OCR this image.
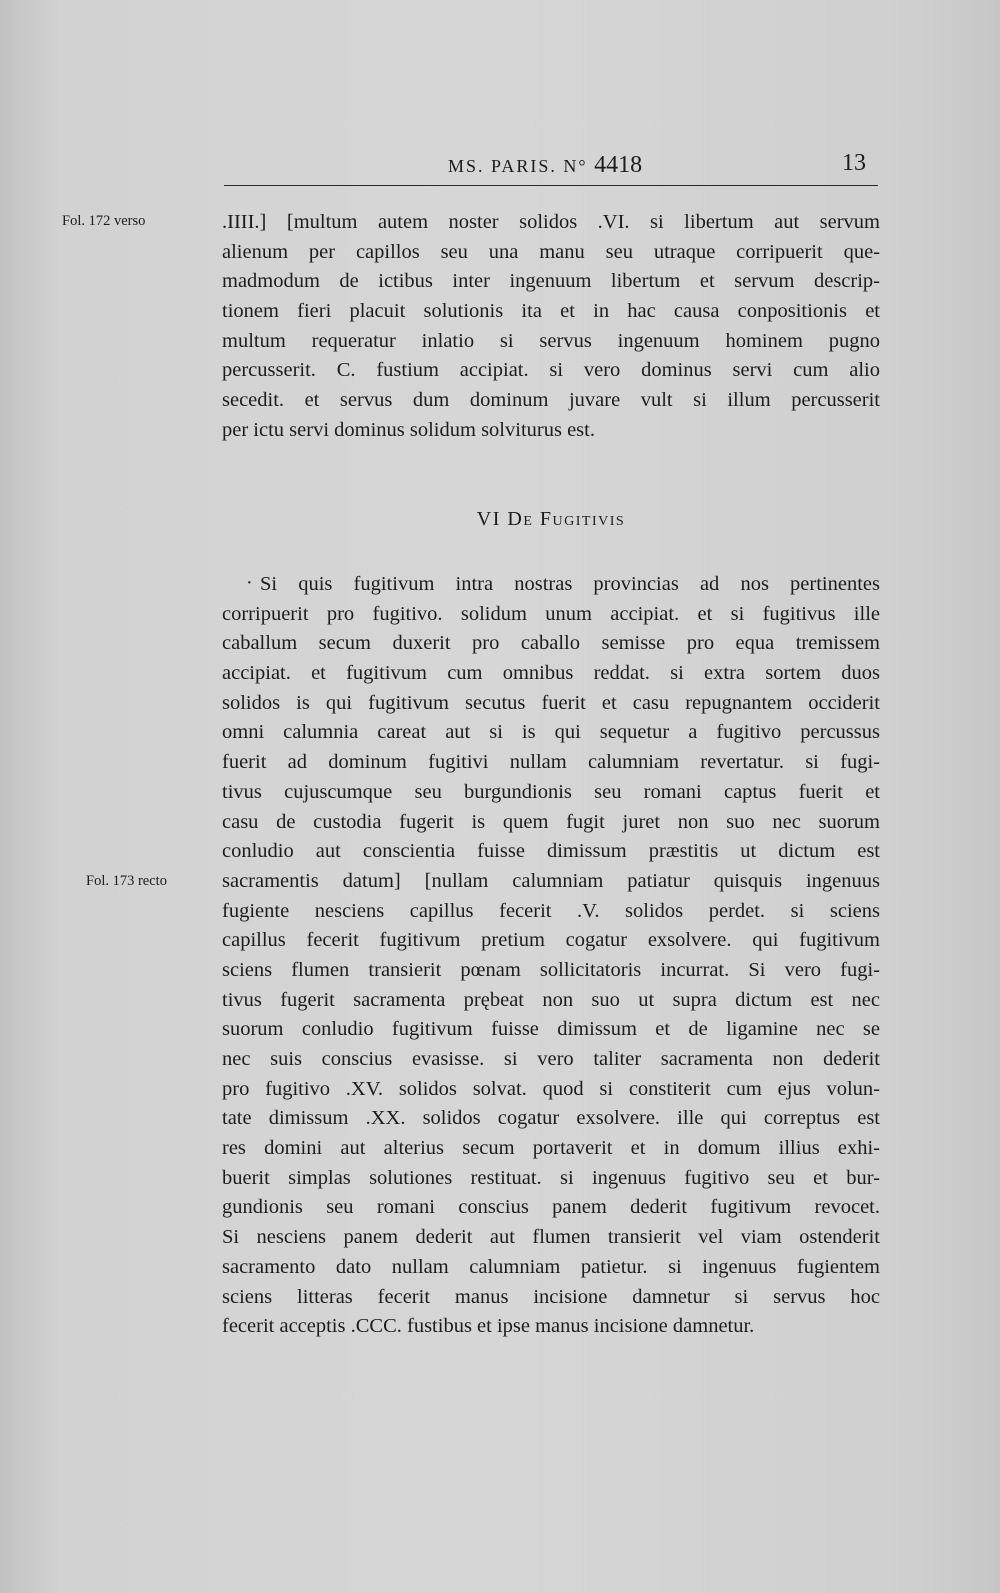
MS. PARIS. N° 4418	13
Fol. 172 verso
Fol. 173 recto
.IIII.] [multum autem noster solidos .VI. si libertum aut servum
alienum per capillos seu una manu seu utraque corripuerit que-
madmodum de ictibus inter ingenuum libertum et servum descrip-
tionem fieri placuit solutionis ita et in hac causa conpositionis et
multum requeratur inlatio si servus ingenuum hominem pugno
percusserit. C. fustium accipiat. si vero dominus servi cum alio
secedit. et servus dum dominum juvare vult si illum percusserit
per ictu servi dominus solidum solviturus est.
VI De Fugitivis
· Si quis fugitivum intra nostras provincias ad nos pertinentes
corripuerit pro fugitivo. solidum unum accipiat. et si fugitivus ille
caballum secum duxerit pro caballo semisse pro equa tremissem
accipiat. et fugitivum cum omnibus reddat. si extra sortem duos
solidos is qui fugitivum secutus fuerit et casu repugnantem occiderit
omni calumnia careat aut si is qui sequetur a fugitivo percussus
fuerit ad dominum fugitivi nullam calumniam revertatur. si fugi-
tivus cujuscumque seu burgundionis seu romani captus fuerit et
casu de custodia fugerit is quem fugit juret non suo nec suorum
conludio aut conscientia fuisse dimissum præstitis ut dictum est
sacramentis datum] [nullam calumniam patiatur quisquis ingenuus
fugiente nesciens capillus fecerit .V. solidos perdet. si sciens
capillus fecerit fugitivum pretium cogatur exsolvere. qui fugitivum
sciens flumen transierit pœnam sollicitatoris incurrat. Si vero fugi-
tivus fugerit sacramenta prębeat non suo ut supra dictum est nec
suorum conludio fugitivum fuisse dimissum et de ligamine nec se
nec suis conscius evasisse. si vero taliter sacramenta non dederit
pro fugitivo .XV. solidos solvat. quod si constiterit cum ejus volun-
tate dimissum .XX. solidos cogatur exsolvere. ille qui correptus est
res domini aut alterius secum portaverit et in domum illius exhi-
buerit simplas solutiones restituat. si ingenuus fugitivo seu et bur-
gundionis seu romani conscius panem dederit fugitivum revocet.
Si nesciens panem dederit aut flumen transierit vel viam ostenderit
sacramento dato nullam calumniam patietur. si ingenuus fugientem
sciens litteras fecerit manus incisione damnetur si servus hoc
fecerit acceptis .CCC. fustibus et ipse manus incisione damnetur.
